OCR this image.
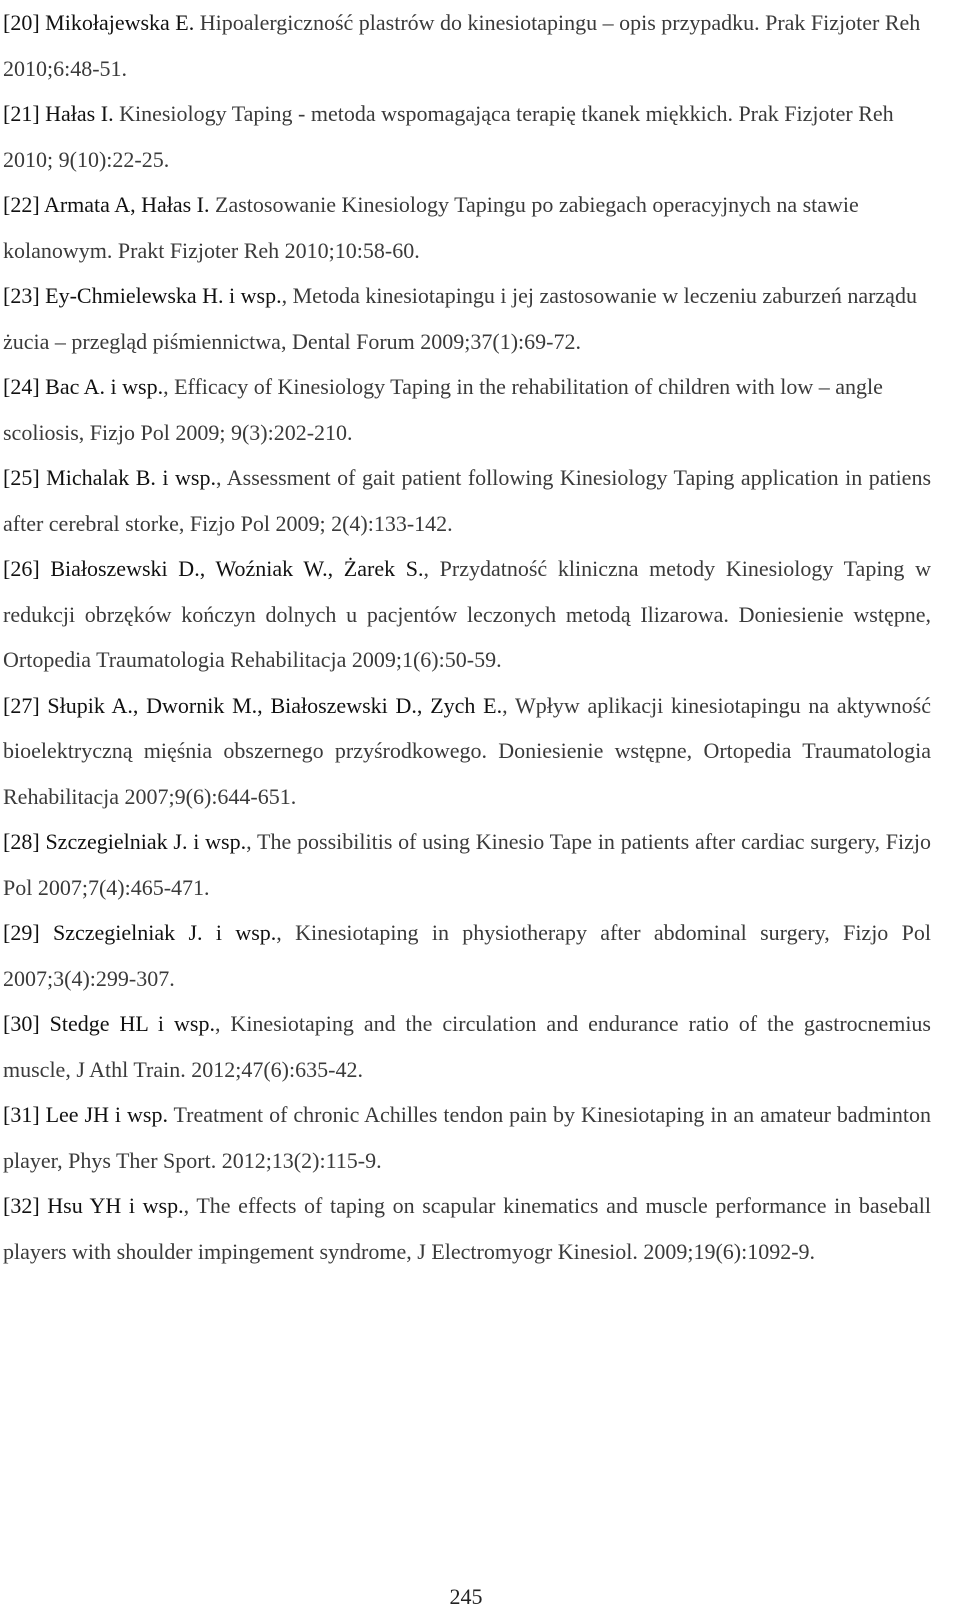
[20] Mikołajewska E. Hipoalergiczność plastrów do kinesiotapingu – opis przypadku. Prak Fizjoter Reh 2010;6:48-51.
[21] Hałas I. Kinesiology Taping - metoda wspomagająca terapię tkanek miękkich. Prak Fizjoter Reh 2010; 9(10):22-25.
[22] Armata A, Hałas I. Zastosowanie Kinesiology Tapingu po zabiegach operacyjnych na stawie kolanowym. Prakt Fizjoter Reh 2010;10:58-60.
[23] Ey-Chmielewska H. i wsp., Metoda kinesiotapingu i jej zastosowanie w leczeniu zaburzeń narządu żucia – przegląd piśmiennictwa, Dental Forum 2009;37(1):69-72.
[24] Bac A. i wsp., Efficacy of Kinesiology Taping in the rehabilitation of children with low – angle scoliosis, Fizjo Pol 2009; 9(3):202-210.
[25] Michalak B. i wsp., Assessment of gait patient following Kinesiology Taping application in patiens after cerebral storke, Fizjo Pol 2009; 2(4):133-142.
[26] Białoszewski D., Woźniak W., Żarek S., Przydatność kliniczna metody Kinesiology Taping w redukcji obrzęków kończyn dolnych u pacjentów leczonych metodą Ilizarowa. Doniesienie wstępne, Ortopedia Traumatologia Rehabilitacja 2009;1(6):50-59.
[27] Słupik A., Dwornik M., Białoszewski D., Zych E., Wpływ aplikacji kinesiotapingu na aktywność bioelektryczną mięśnia obszernego przyśrodkowego. Doniesienie wstępne, Ortopedia Traumatologia Rehabilitacja 2007;9(6):644-651.
[28] Szczegielniak J. i wsp., The possibilitis of using Kinesio Tape in patients after cardiac surgery, Fizjo Pol 2007;7(4):465-471.
[29] Szczegielniak J. i wsp., Kinesiotaping in physiotherapy after abdominal surgery, Fizjo Pol 2007;3(4):299-307.
[30] Stedge HL i wsp., Kinesiotaping and the circulation and endurance ratio of the gastrocnemius muscle, J Athl Train. 2012;47(6):635-42.
[31] Lee JH i wsp. Treatment of chronic Achilles tendon pain by Kinesiotaping in an amateur badminton player, Phys Ther Sport. 2012;13(2):115-9.
[32] Hsu YH i wsp., The effects of taping on scapular kinematics and muscle performance in baseball players with shoulder impingement syndrome, J Electromyogr Kinesiol. 2009;19(6):1092-9.
245
